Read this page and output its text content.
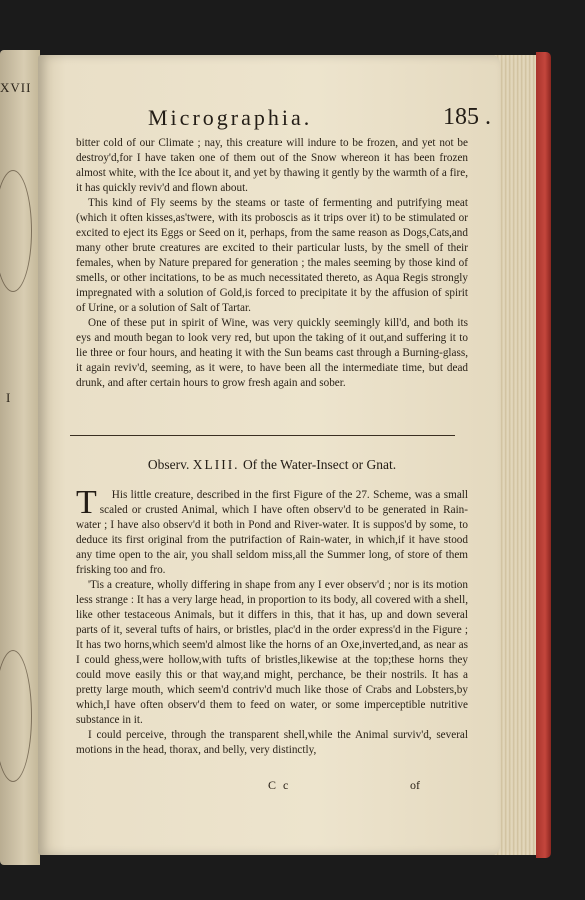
XVII
I
Micrographia.	185 .

bitter cold of our Climate ; nay, this creature will indure to be frozen, and yet not be destroy'd,for I have taken one of them out of the Snow whereon it has been frozen almost white, with the Ice about it, and yet by thawing it gently by the warmth of a fire, it has quickly reviv'd and flown about.

This kind of Fly seems by the steams or taste of fermenting and putrifying meat (which it often kisses,as'twere, with its proboscis as it trips over it) to be stimulated or excited to eject its Eggs or Seed on it, perhaps, from the same reason as Dogs,Cats,and many other brute creatures are excited to their particular lusts, by the smell of their females, when by Nature prepared for generation ; the males seeming by those kind of smells, or other incitations, to be as much necessitated thereto, as Aqua Regis strongly impregnated with a solution of Gold,is forced to precipitate it by the affusion of spirit of Urine, or a solution of Salt of Tartar.

One of these put in spirit of Wine, was very quickly seemingly kill'd, and both its eys and mouth began to look very red, but upon the taking of it out,and suffering it to lie three or four hours, and heating it with the Sun beams cast through a Burning-glass, it again reviv'd, seeming, as it were, to have been all the intermediate time, but dead drunk, and after certain hours to grow fresh again and sober.

Observ. XLIII. Of the Water-Insect or Gnat.

T His little creature, described in the first Figure of the 27. Scheme, was a small scaled or crusted Animal, which I have often observ'd to be generated in Rain-water ; I have also observ'd it both in Pond and River-water. It is suppos'd by some, to deduce its first original from the putrifaction of Rain-water, in which,if it have stood any time open to the air, you shall seldom miss,all the Summer long, of store of them frisking too and fro.

'Tis a creature, wholly differing in shape from any I ever observ'd ; nor is its motion less strange : It has a very large head, in proportion to its body, all covered with a shell, like other testaceous Animals, but it differs in this, that it has, up and down several parts of it, several tufts of hairs, or bristles, plac'd in the order express'd in the Figure ; It has two horns,which seem'd almost like the horns of an Oxe,inverted,and, as near as I could ghess,were hollow,with tufts of bristles,likewise at the top;these horns they could move easily this or that way,and might, perchance, be their nostrils. It has a pretty large mouth, which seem'd contriv'd much like those of Crabs and Lobsters,by which,I have often observ'd them to feed on water, or some imperceptible nutritive substance in it.

I could perceive, through the transparent shell,while the Animal surviv'd, several motions in the head, thorax, and belly, very distinctly,

C c	of
